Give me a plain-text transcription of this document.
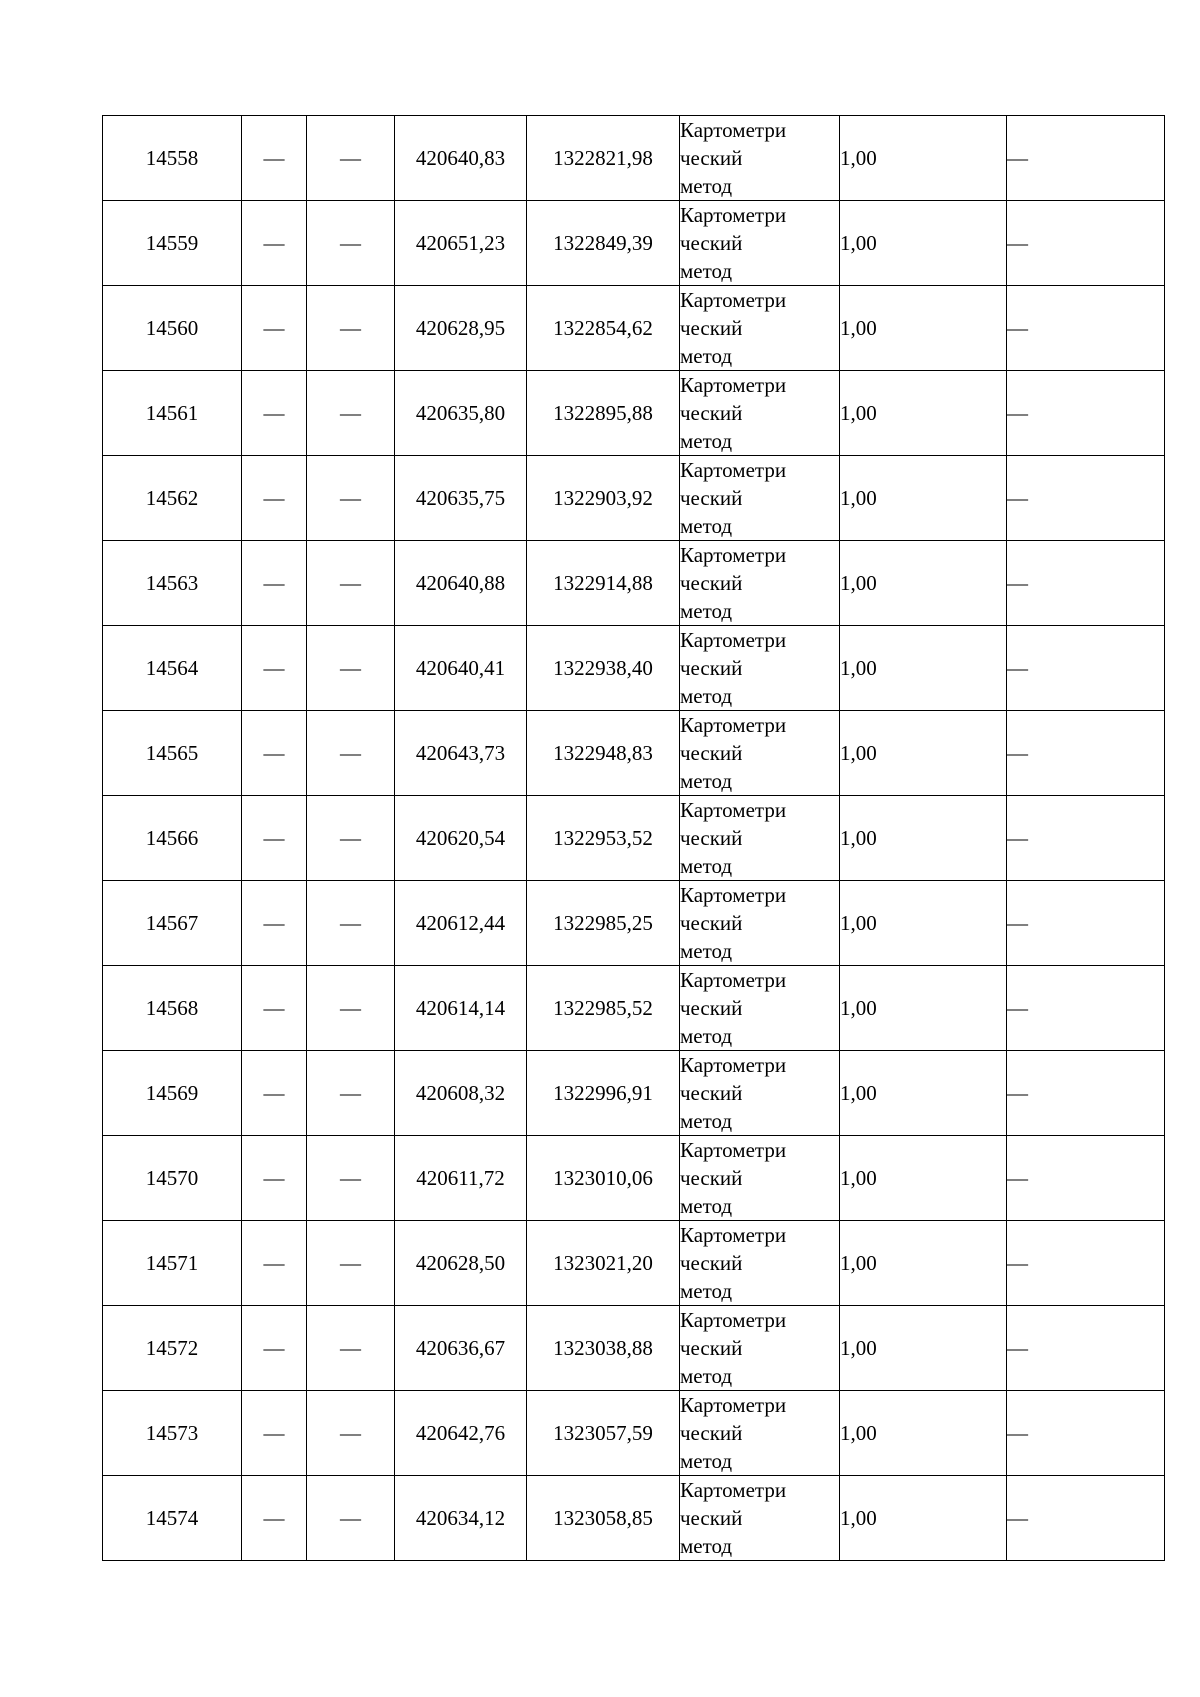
14558	—	—	420640,83	1322821,98	Картометри
ческий
метод	1,00	—
14559	—	—	420651,23	1322849,39	Картометри
ческий
метод	1,00	—
14560	—	—	420628,95	1322854,62	Картометри
ческий
метод	1,00	—
14561	—	—	420635,80	1322895,88	Картометри
ческий
метод	1,00	—
14562	—	—	420635,75	1322903,92	Картометри
ческий
метод	1,00	—
14563	—	—	420640,88	1322914,88	Картометри
ческий
метод	1,00	—
14564	—	—	420640,41	1322938,40	Картометри
ческий
метод	1,00	—
14565	—	—	420643,73	1322948,83	Картометри
ческий
метод	1,00	—
14566	—	—	420620,54	1322953,52	Картометри
ческий
метод	1,00	—
14567	—	—	420612,44	1322985,25	Картометри
ческий
метод	1,00	—
14568	—	—	420614,14	1322985,52	Картометри
ческий
метод	1,00	—
14569	—	—	420608,32	1322996,91	Картометри
ческий
метод	1,00	—
14570	—	—	420611,72	1323010,06	Картометри
ческий
метод	1,00	—
14571	—	—	420628,50	1323021,20	Картометри
ческий
метод	1,00	—
14572	—	—	420636,67	1323038,88	Картометри
ческий
метод	1,00	—
14573	—	—	420642,76	1323057,59	Картометри
ческий
метод	1,00	—
14574	—	—	420634,12	1323058,85	Картометри
ческий
метод	1,00	—
